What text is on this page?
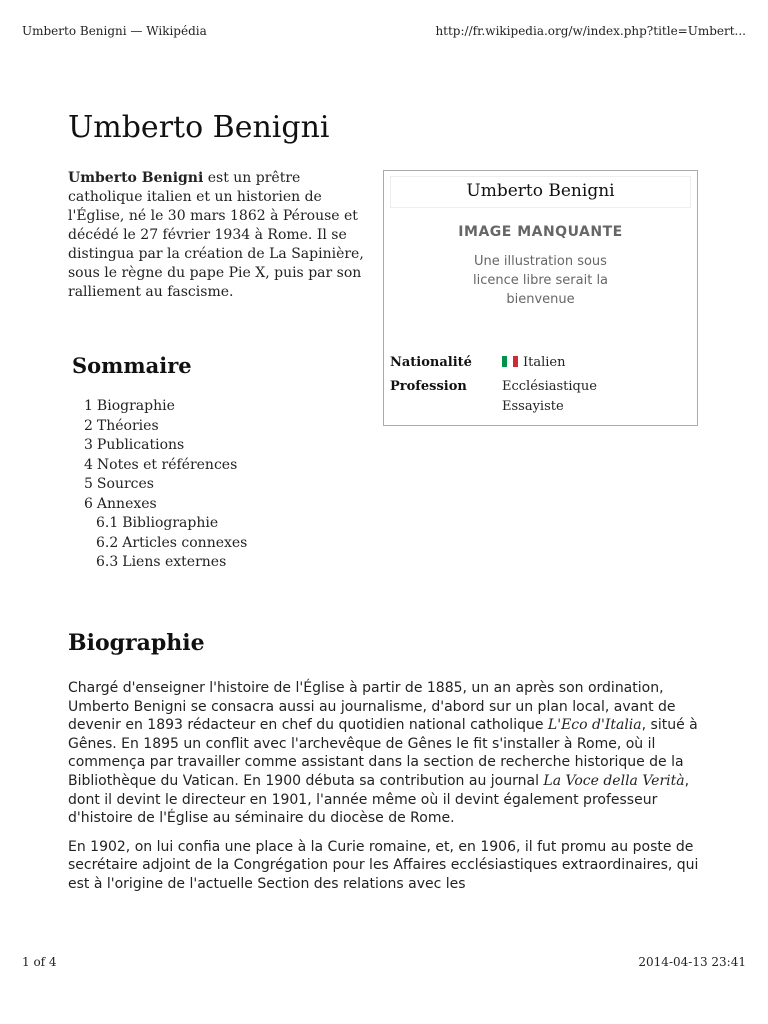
Umberto Benigni — Wikipédia	http://fr.wikipedia.org/w/index.php?title=Umbert...
Umberto Benigni

Umberto Benigni est un prêtre catholique italien et un historien de l'Église, né le 30 mars 1862 à Pérouse et décédé le 27 février 1934 à Rome. Il se distingua par la création de La Sapinière, sous le règne du pape Pie X, puis par son ralliement au fascisme.

Umberto Benigni
IMAGE MANQUANTE
Une illustration sous licence libre serait la bienvenue
Nationalité	Italien
Profession	Ecclésiastique
Essayiste
Sommaire
1 Biographie
2 Théories
3 Publications
4 Notes et références
5 Sources
6 Annexes
6.1 Bibliographie
6.2 Articles connexes
6.3 Liens externes
Biographie

Chargé d'enseigner l'histoire de l'Église à partir de 1885, un an après son ordination, Umberto Benigni se consacra aussi au journalisme, d'abord sur un plan local, avant de devenir en 1893 rédacteur en chef du quotidien national catholique L'Eco d'Italia, situé à Gênes. En 1895 un conflit avec l'archevêque de Gênes le fit s'installer à Rome, où il commença par travailler comme assistant dans la section de recherche historique de la Bibliothèque du Vatican. En 1900 débuta sa contribution au journal La Voce della Verità, dont il devint le directeur en 1901, l'année même où il devint également professeur d'histoire de l'Église au séminaire du diocèse de Rome.

En 1902, on lui confia une place à la Curie romaine, et, en 1906, il fut promu au poste de secrétaire adjoint de la Congrégation pour les Affaires ecclésiastiques extraordinaires, qui est à l'origine de l'actuelle Section des relations avec les

1 of 4	2014-04-13 23:41
